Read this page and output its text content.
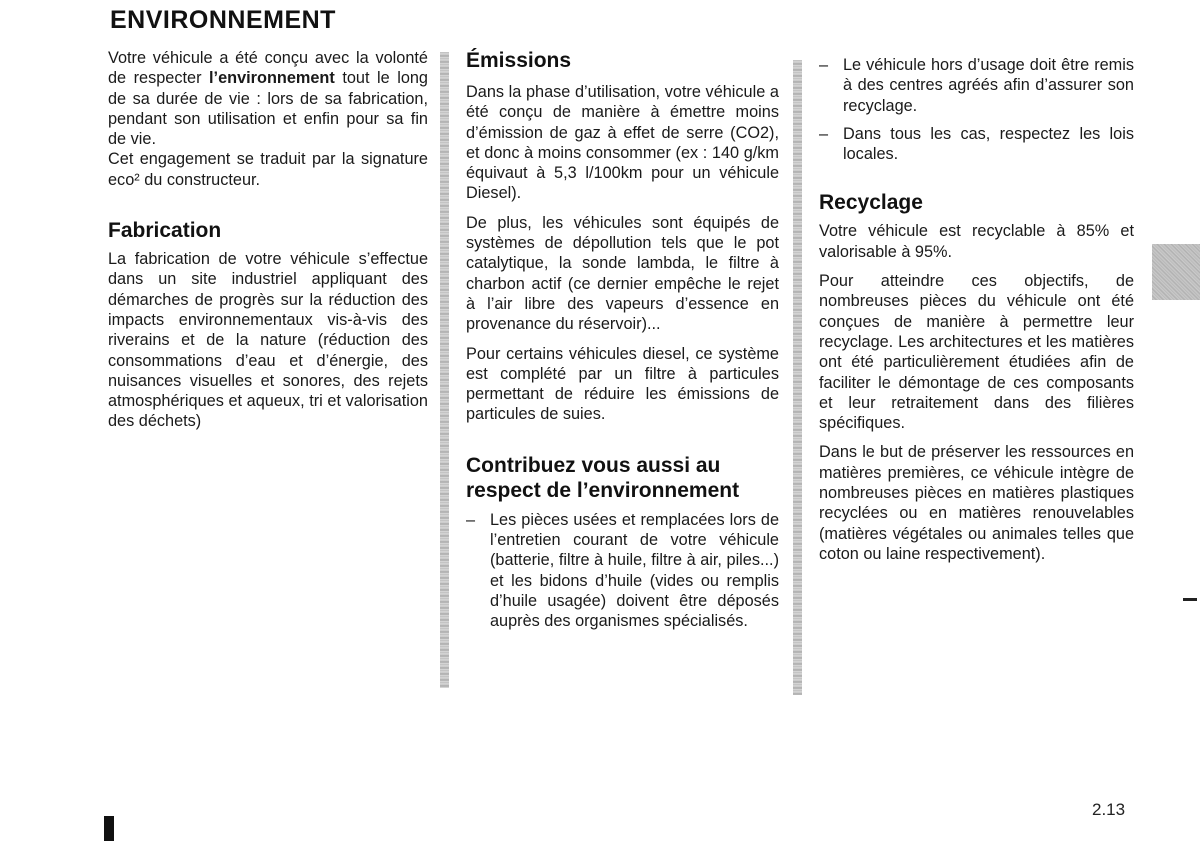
ENVIRONNEMENT

Votre véhicule a été conçu avec la volonté de respecter l’environnement tout le long de sa durée de vie : lors de sa fabrication, pendant son utilisation et enfin pour sa fin de vie.

Cet engagement se traduit par la signature eco² du constructeur.

Fabrication

La fabrication de votre véhicule s’effectue dans un site industriel appliquant des démarches de progrès sur la réduction des impacts environnementaux vis-à-vis des riverains et de la nature (réduction des consommations d’eau et d’énergie, des nuisances visuelles et sonores, des rejets atmosphériques et aqueux, tri et valorisation des déchets)

Émissions

Dans la phase d’utilisation, votre véhicule a été conçu de manière à émettre moins d’émission de gaz à effet de serre (CO2), et donc à moins consommer (ex : 140 g/km équivaut à 5,3 l/100km pour un véhicule Diesel).

De plus, les véhicules sont équipés de systèmes de dépollution tels que le pot catalytique, la sonde lambda, le filtre à charbon actif (ce dernier empêche le rejet à l’air libre des vapeurs d’essence en provenance du réservoir)...

Pour certains véhicules diesel, ce système est complété par un filtre à particules permettant de réduire les émissions de particules de suies.

Contribuez vous aussi au respect de l’environnement
– Les pièces usées et remplacées lors de l’entretien courant de votre véhicule (batterie, filtre à huile, filtre à air, piles...) et les bidons d’huile (vides ou remplis d’huile usagée) doivent être déposés auprès des organismes spécialisés.
– Le véhicule hors d’usage doit être remis à des centres agréés afin d’assurer son recyclage.
– Dans tous les cas, respectez les lois locales.
Recyclage

Votre véhicule est recyclable à 85% et valorisable à 95%.

Pour atteindre ces objectifs, de nombreuses pièces du véhicule ont été conçues de manière à permettre leur recyclage. Les architectures et les matières ont été particulièrement étudiées afin de faciliter le démontage de ces composants et leur retraitement dans des filières spécifiques.

Dans le but de préserver les ressources en matières premières, ce véhicule intègre de nombreuses pièces en matières plastiques recyclées ou en matières renouvelables (matières végétales ou animales telles que coton ou laine respectivement).

2.13
